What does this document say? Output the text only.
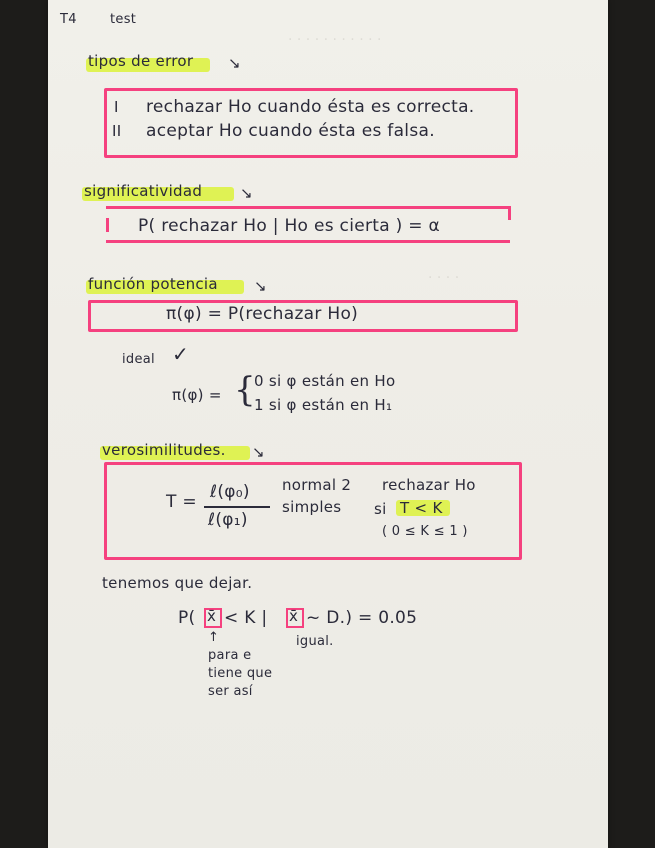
· · · · · · · · · · ·
· · · ·
T4	test
tipos de error ↘
I rechazar Ho cuando ésta es correcta.
II aceptar Ho cuando ésta es falsa.
significatividad	↘
P( rechazar Ho | Ho es cierta ) = α
función potencia ↘
π(φ) = P(rechazar Ho)
ideal ✓
π(φ) = {
0 si φ están en Ho
1 si φ están en H₁
verosimilitudes. ↘
T = ℓ(φ₀)
ℓ(φ₁)
normal 2
simples
rechazar Ho
si T < K
( 0 ≤ K ≤ 1 )
tenemos que dejar.
P( x̄ < K | x̄ ~ D.) = 0.05
igual.
↑
para e
tiene que
ser así
